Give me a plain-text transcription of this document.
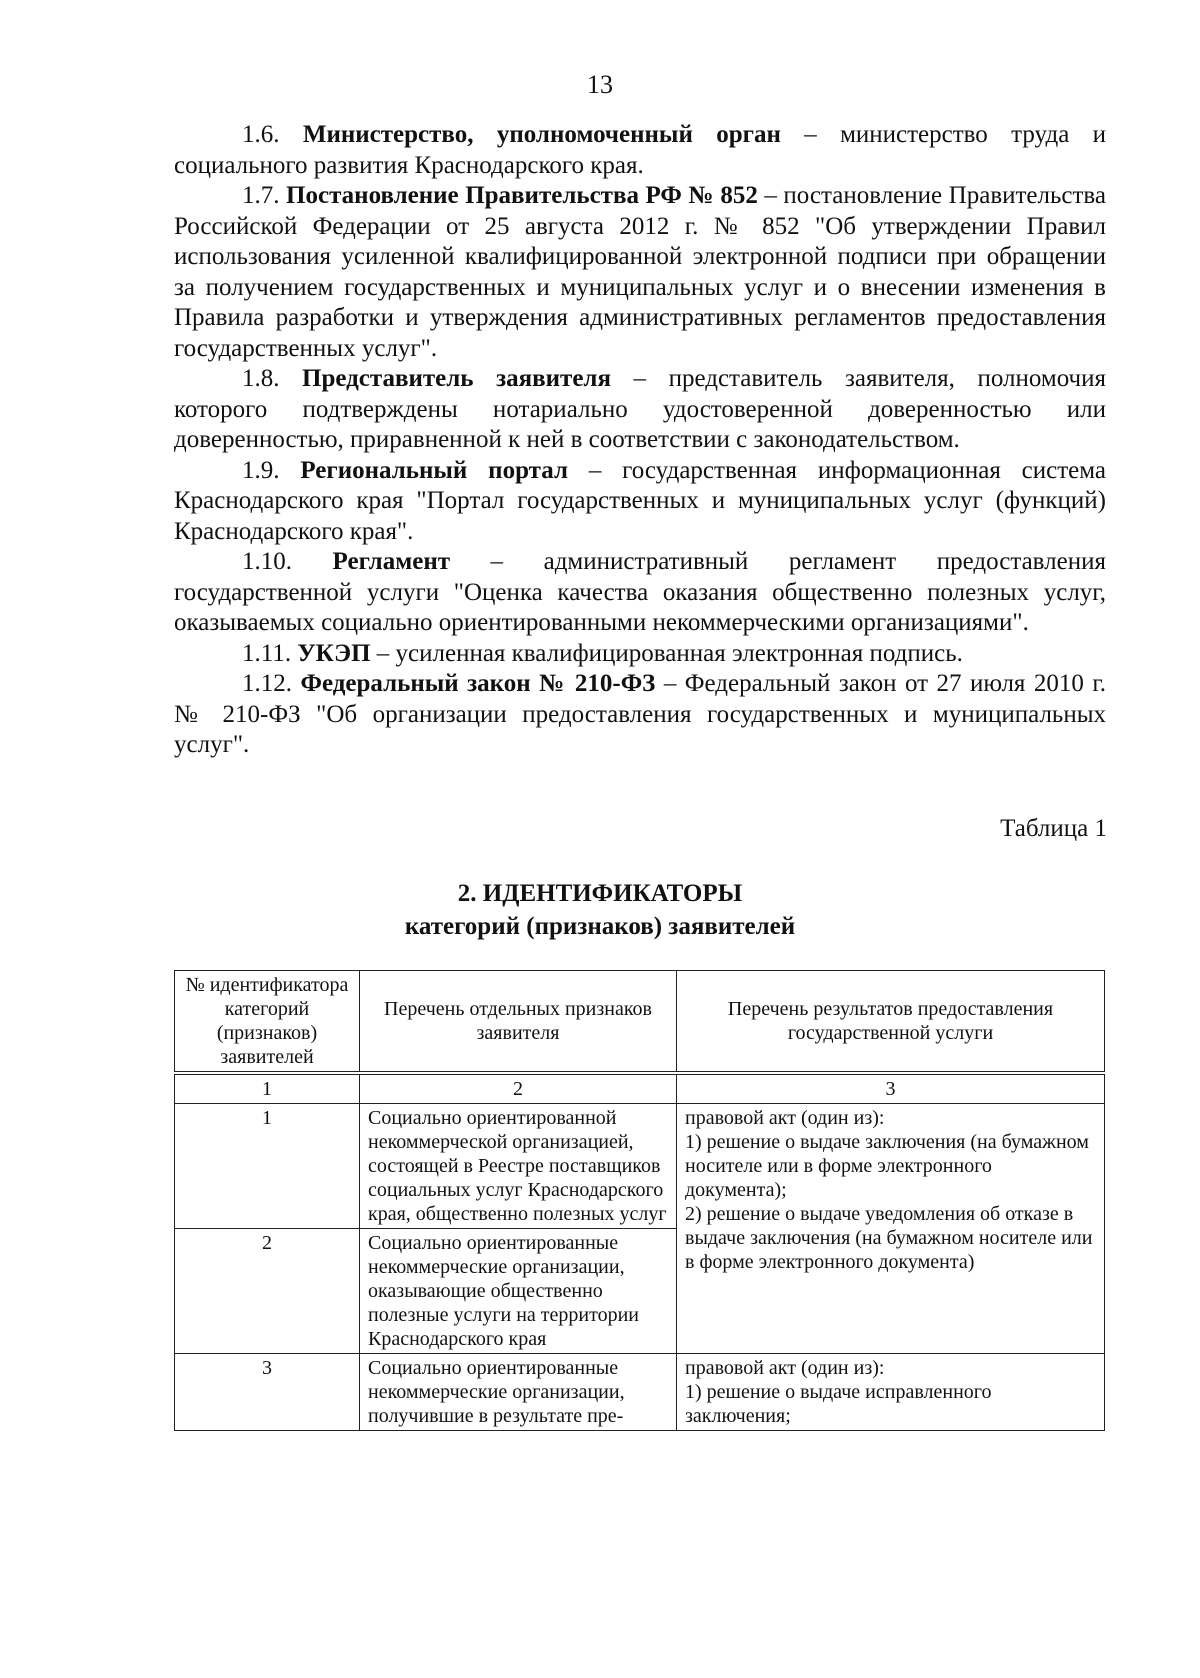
13

1.6. Министерство, уполномоченный орган – министерство труда и социального развития Краснодарского края.

1.7. Постановление Правительства РФ № 852 – постановление Правительства Российской Федерации от 25 августа 2012 г. № 852 "Об утверждении Правил использования усиленной квалифицированной электронной подписи при обращении за получением государственных и муниципальных услуг и о внесении изменения в Правила разработки и утверждения административных регламентов предоставления государственных услуг".

1.8. Представитель заявителя – представитель заявителя, полномочия которого подтверждены нотариально удостоверенной доверенностью или доверенностью, приравненной к ней в соответствии с законодательством.

1.9. Региональный портал – государственная информационная система Краснодарского края "Портал государственных и муниципальных услуг (функций) Краснодарского края".

1.10. Регламент – административный регламент предоставления государственной услуги "Оценка качества оказания общественно полезных услуг, оказываемых социально ориентированными некоммерческими организациями".

1.11. УКЭП – усиленная квалифицированная электронная подпись.

1.12. Федеральный закон № 210-ФЗ – Федеральный закон от 27 июля 2010 г. № 210-ФЗ "Об организации предоставления государственных и муниципальных услуг".

Таблица 1
2. ИДЕНТИФИКАТОРЫ
категорий (признаков) заявителей
№ идентификатора категорий (признаков) заявителей	Перечень отдельных признаков заявителя	Перечень результатов предоставления государственной услуги
1	2	3
1	Социально ориентированной некоммерческой организацией, состоящей в Реестре поставщиков социальных услуг Краснодарского края, общественно полезных услуг	правовой акт (один из):
1) решение о выдаче заключения (на бумажном носителе или в форме электронного документа);
2) решение о выдаче уведомления об отказе в выдаче заключения (на бумажном носителе или в форме электронного документа)
2	Социально ориентированные некоммерческие организации, оказывающие общественно полезные услуги на территории Краснодарского края	
3	Социально ориентированные некоммерческие организации, получившие в результате пре-	правовой акт (один из):
1) решение о выдаче исправленного заключения;
